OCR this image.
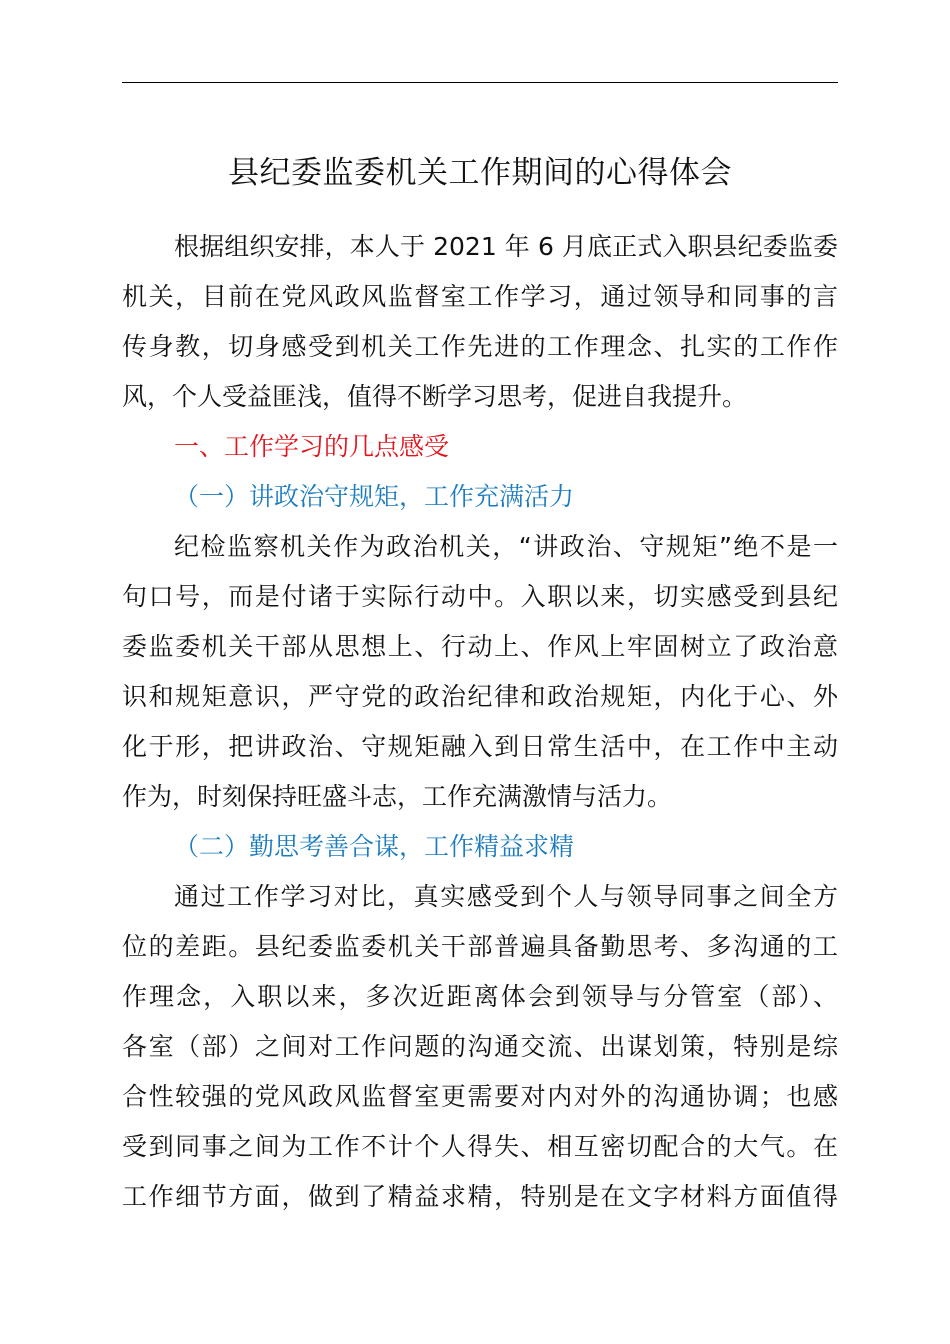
县纪委监委机关工作期间的心得体会
根据组织安排，本人于 2021 年 6 月底正式入职县纪委监委
机关，目前在党风政风监督室工作学习，通过领导和同事的言
传身教，切身感受到机关工作先进的工作理念、扎实的工作作
风，个人受益匪浅，值得不断学习思考，促进自我提升。
一、工作学习的几点感受
（一）讲政治守规矩，工作充满活力
纪检监察机关作为政治机关，“讲政治、守规矩”绝不是一
句口号，而是付诸于实际行动中。入职以来，切实感受到县纪
委监委机关干部从思想上、行动上、作风上牢固树立了政治意
识和规矩意识，严守党的政治纪律和政治规矩，内化于心、外
化于形，把讲政治、守规矩融入到日常生活中，在工作中主动
作为，时刻保持旺盛斗志，工作充满激情与活力。
（二）勤思考善合谋，工作精益求精
通过工作学习对比，真实感受到个人与领导同事之间全方
位的差距。县纪委监委机关干部普遍具备勤思考、多沟通的工
作理念，入职以来，多次近距离体会到领导与分管室（部）、
各室（部）之间对工作问题的沟通交流、出谋划策，特别是综
合性较强的党风政风监督室更需要对内对外的沟通协调；也感
受到同事之间为工作不计个人得失、相互密切配合的大气。在
工作细节方面，做到了精益求精，特别是在文字材料方面值得
